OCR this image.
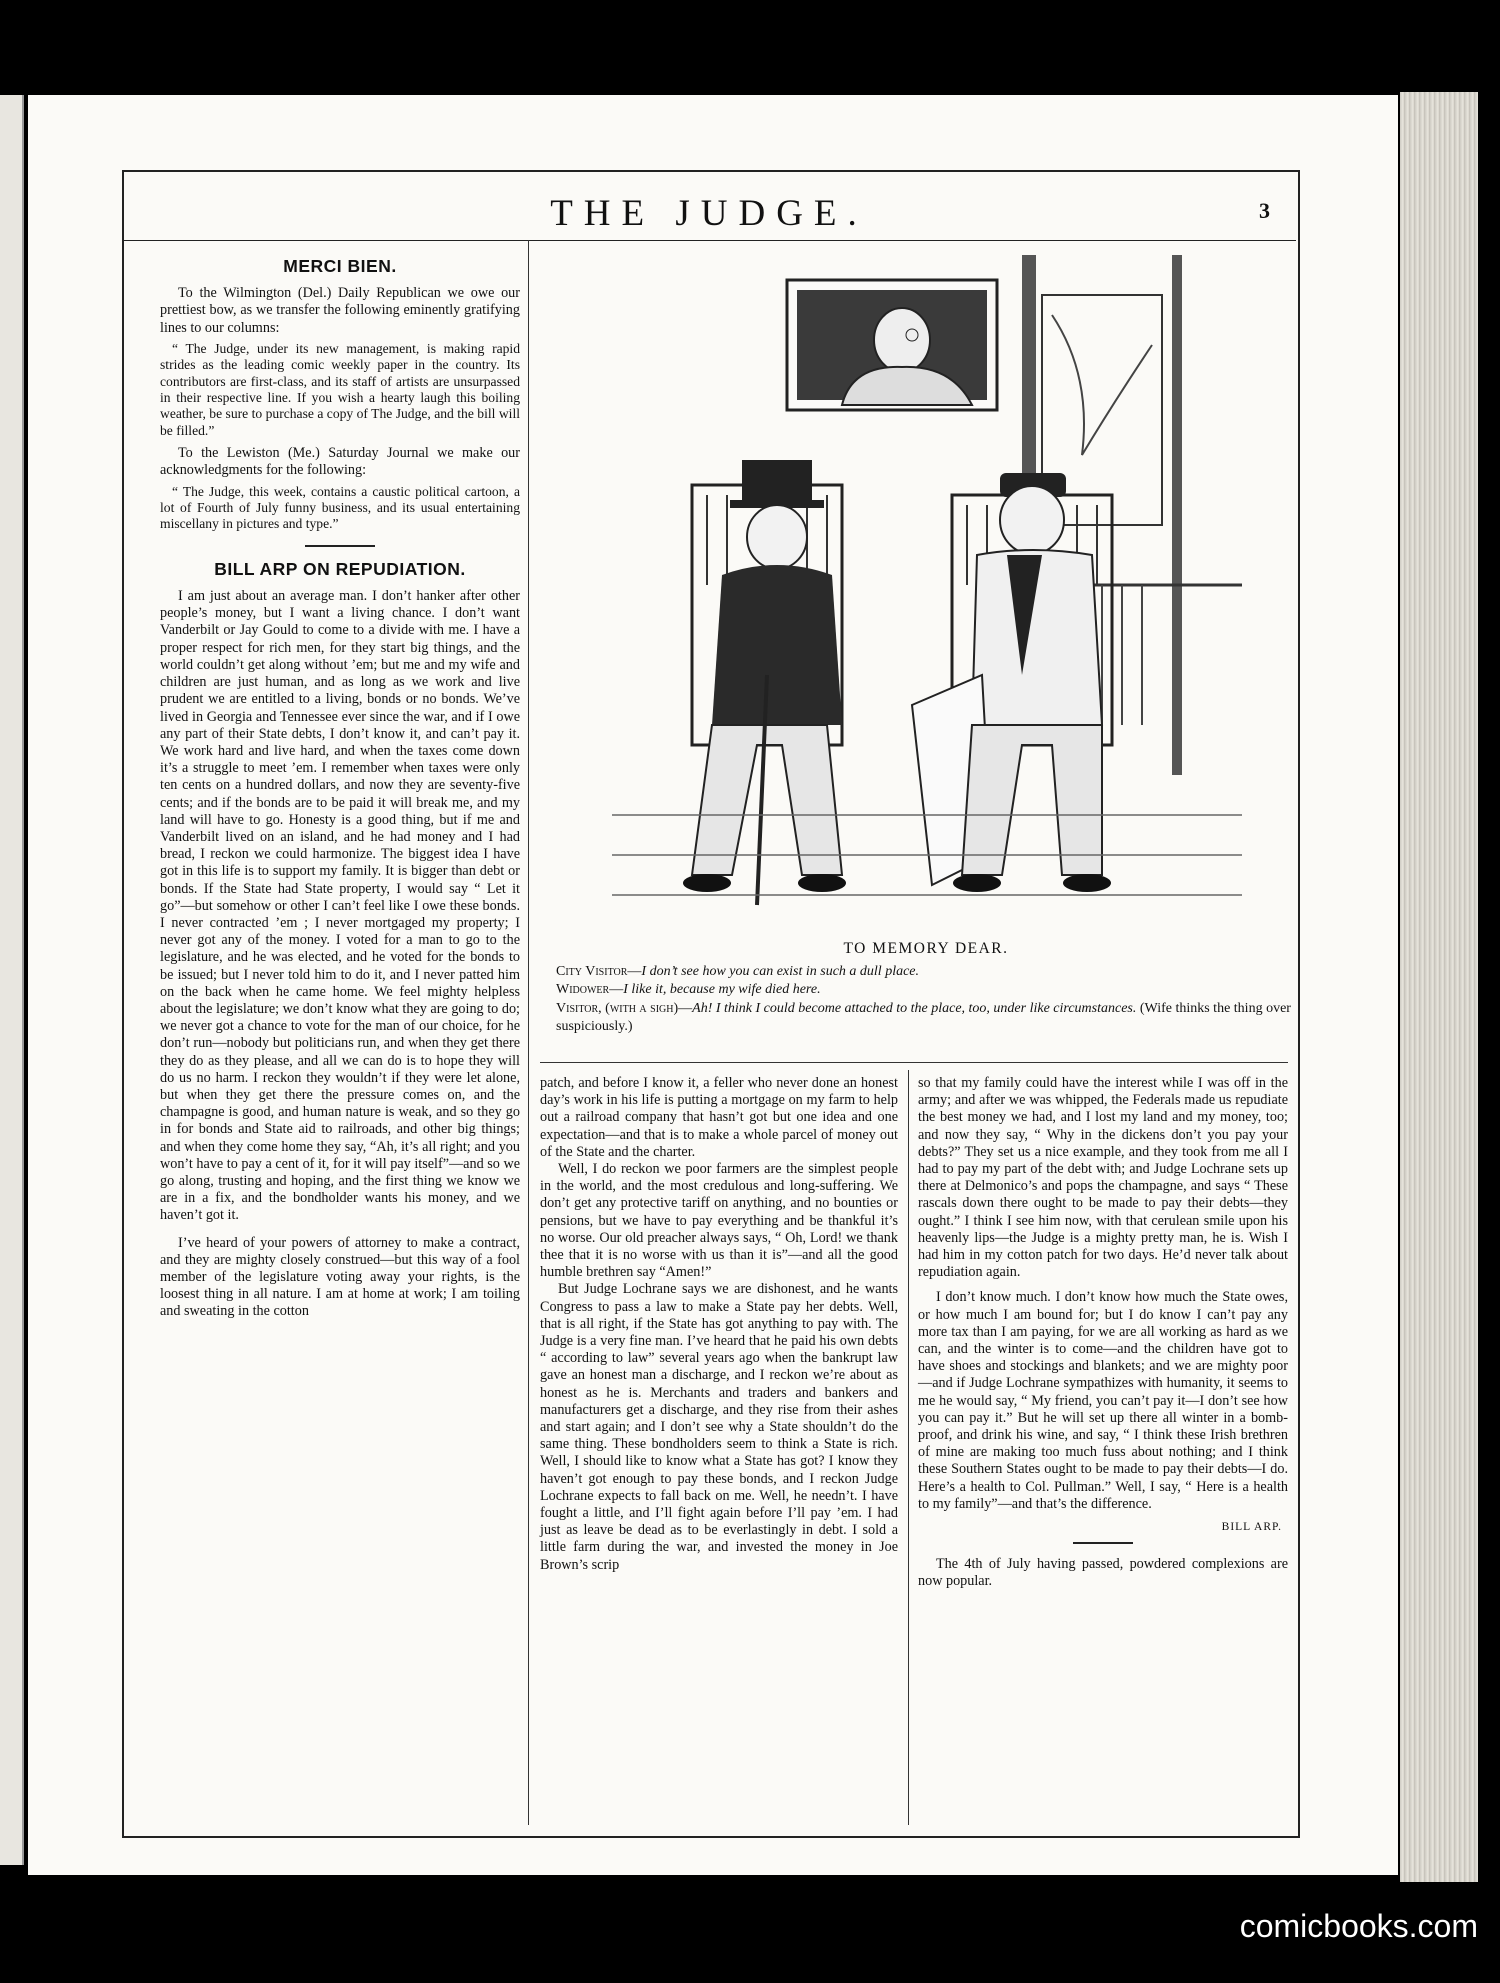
THE JUDGE.	3
MERCI BIEN.

To the Wilmington (Del.) Daily Republican we owe our prettiest bow, as we transfer the following eminently gratifying lines to our columns:

“ The Judge, under its new management, is making rapid strides as the leading comic weekly paper in the country. Its contributors are first-class, and its staff of artists are unsurpassed in their respective line. If you wish a hearty laugh this boiling weather, be sure to purchase a copy of The Judge, and the bill will be filled.”

To the Lewiston (Me.) Saturday Journal we make our acknowledgments for the following:

“ The Judge, this week, contains a caustic political cartoon, a lot of Fourth of July funny business, and its usual entertaining miscellany in pictures and type.”

BILL ARP ON REPUDIATION.

I am just about an average man. I don’t hanker after other people’s money, but I want a living chance. I don’t want Vanderbilt or Jay Gould to come to a divide with me. I have a proper respect for rich men, for they start big things, and the world couldn’t get along without ’em; but me and my wife and children are just human, and as long as we work and live prudent we are entitled to a living, bonds or no bonds. We’ve lived in Georgia and Tennessee ever since the war, and if I owe any part of their State debts, I don’t know it, and can’t pay it. We work hard and live hard, and when the taxes come down it’s a struggle to meet ’em. I remember when taxes were only ten cents on a hundred dollars, and now they are seventy-five cents; and if the bonds are to be paid it will break me, and my land will have to go. Honesty is a good thing, but if me and Vanderbilt lived on an island, and he had money and I had bread, I reckon we could harmonize. The biggest idea I have got in this life is to support my family. It is bigger than debt or bonds. If the State had State property, I would say “ Let it go”—but somehow or other I can’t feel like I owe these bonds. I never contracted ’em ; I never mortgaged my property; I never got any of the money. I voted for a man to go to the legislature, and he was elected, and he voted for the bonds to be issued; but I never told him to do it, and I never patted him on the back when he came home. We feel mighty helpless about the legislature; we don’t know what they are going to do; we never got a chance to vote for the man of our choice, for he don’t run—nobody but politicians run, and when they get there they do as they please, and all we can do is to hope they will do us no harm. I reckon they wouldn’t if they were let alone, but when they get there the pressure comes on, and the champagne is good, and human nature is weak, and so they go in for bonds and State aid to railroads, and other big things; and when they come home they say, “Ah, it’s all right; and you won’t have to pay a cent of it, for it will pay itself”—and so we go along, trusting and hoping, and the first thing we know we are in a fix, and the bondholder wants his money, and we haven’t got it.

I’ve heard of your powers of attorney to make a contract, and they are mighty closely construed—but this way of a fool member of the legislature voting away your rights, is the loosest thing in all nature. I am at home at work; I am toiling and sweating in the cotton

TO MEMORY DEAR.
City Visitor—I don’t see how you can exist in such a dull place.
Widower—I like it, because my wife died here.
Visitor, (with a sigh)—Ah! I think I could become attached to the place, too, under like circumstances. (Wife thinks the thing over suspiciously.)

patch, and before I know it, a feller who never done an honest day’s work in his life is putting a mortgage on my farm to help out a railroad company that hasn’t got but one idea and one expectation—and that is to make a whole parcel of money out of the State and the charter.

Well, I do reckon we poor farmers are the simplest people in the world, and the most credulous and long-suffering. We don’t get any protective tariff on anything, and no bounties or pensions, but we have to pay everything and be thankful it’s no worse. Our old preacher always says, “ Oh, Lord! we thank thee that it is no worse with us than it is”—and all the good humble brethren say “Amen!”

But Judge Lochrane says we are dishonest, and he wants Congress to pass a law to make a State pay her debts. Well, that is all right, if the State has got anything to pay with. The Judge is a very fine man. I’ve heard that he paid his own debts “ according to law” several years ago when the bankrupt law gave an honest man a discharge, and I reckon we’re about as honest as he is. Merchants and traders and bankers and manufacturers get a discharge, and they rise from their ashes and start again; and I don’t see why a State shouldn’t do the same thing. These bondholders seem to think a State is rich. Well, I should like to know what a State has got? I know they haven’t got enough to pay these bonds, and I reckon Judge Lochrane expects to fall back on me. Well, he needn’t. I have fought a little, and I’ll fight again before I’ll pay ’em. I had just as leave be dead as to be everlastingly in debt. I sold a little farm during the war, and invested the money in Joe Brown’s scrip

so that my family could have the interest while I was off in the army; and after we was whipped, the Federals made us repudiate the best money we had, and I lost my land and my money, too; and now they say, “ Why in the dickens don’t you pay your debts?” They set us a nice example, and they took from me all I had to pay my part of the debt with; and Judge Lochrane sets up there at Delmonico’s and pops the champagne, and says “ These rascals down there ought to be made to pay their debts—they ought.” I think I see him now, with that cerulean smile upon his heavenly lips—the Judge is a mighty pretty man, he is. Wish I had him in my cotton patch for two days. He’d never talk about repudiation again.

I don’t know much. I don’t know how much the State owes, or how much I am bound for; but I do know I can’t pay any more tax than I am paying, for we are all working as hard as we can, and the winter is to come—and the children have got to have shoes and stockings and blankets; and we are mighty poor—and if Judge Lochrane sympathizes with humanity, it seems to me he would say, “ My friend, you can’t pay it—I don’t see how you can pay it.” But he will set up there all winter in a bomb-proof, and drink his wine, and say, “ I think these Irish brethren of mine are making too much fuss about nothing; and I think these Southern States ought to be made to pay their debts—I do. Here’s a health to Col. Pullman.” Well, I say, “ Here is a health to my family”—and that’s the difference.

BILL ARP.

The 4th of July having passed, powdered complexions are now popular.

comicbooks.com
